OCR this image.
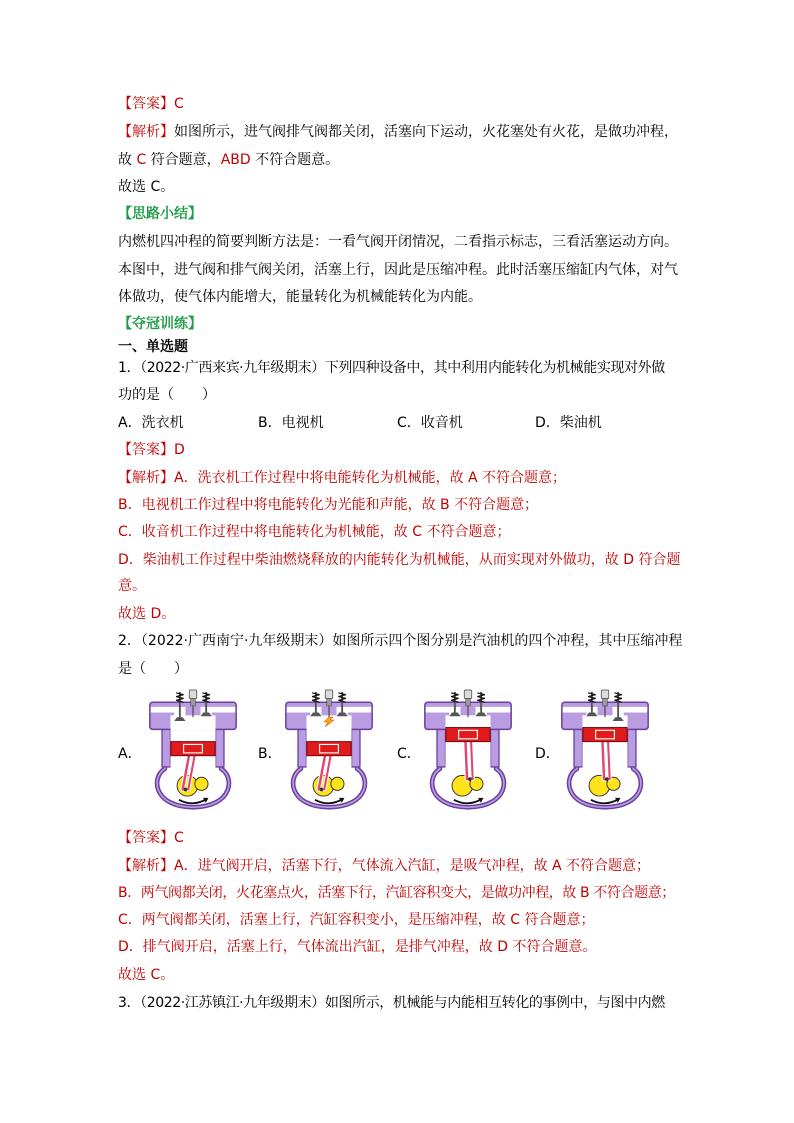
【答案】C
【解析】如图所示，进气阀排气阀都关闭，活塞向下运动，火花塞处有火花，是做功冲程，
故 C 符合题意，ABD 不符合题意。
故选 C。
【思路小结】
内燃机四冲程的简要判断方法是：一看气阀开闭情况，二看指示标志，三看活塞运动方向。
本图中，进气阀和排气阀关闭，活塞上行，因此是压缩冲程。此时活塞压缩缸内气体，对气
体做功，使气体内能增大，能量转化为机械能转化为内能。
【夺冠训练】
一、单选题
1．（2022·广西来宾·九年级期末）下列四种设备中，其中利用内能转化为机械能实现对外做
功的是（　　）
A．洗衣机	B．电视机	C．收音机	D．柴油机
【答案】D
【解析】A．洗衣机工作过程中将电能转化为机械能，故 A 不符合题意；
B．电视机工作过程中将电能转化为光能和声能，故 B 不符合题意；
C．收音机工作过程中将电能转化为机械能，故 C 不符合题意；
D．柴油机工作过程中柴油燃烧释放的内能转化为机械能，从而实现对外做功，故 D 符合题
意。
故选 D。
2．（2022·广西南宁·九年级期末）如图所示四个图分别是汽油机的四个冲程，其中压缩冲程
是（　　）
A．	B．	C．	D．
【答案】C
【解析】A．进气阀开启，活塞下行，气体流入汽缸，是吸气冲程，故 A 不符合题意；
B．两气阀都关闭，火花塞点火，活塞下行，汽缸容积变大，是做功冲程，故 B 不符合题意；
C．两气阀都关闭，活塞上行，汽缸容积变小，是压缩冲程，故 C 符合题意；
D．排气阀开启，活塞上行，气体流出汽缸，是排气冲程，故 D 不符合题意。
故选 C。
3．（2022·江苏镇江·九年级期末）如图所示，机械能与内能相互转化的事例中，与图中内燃
